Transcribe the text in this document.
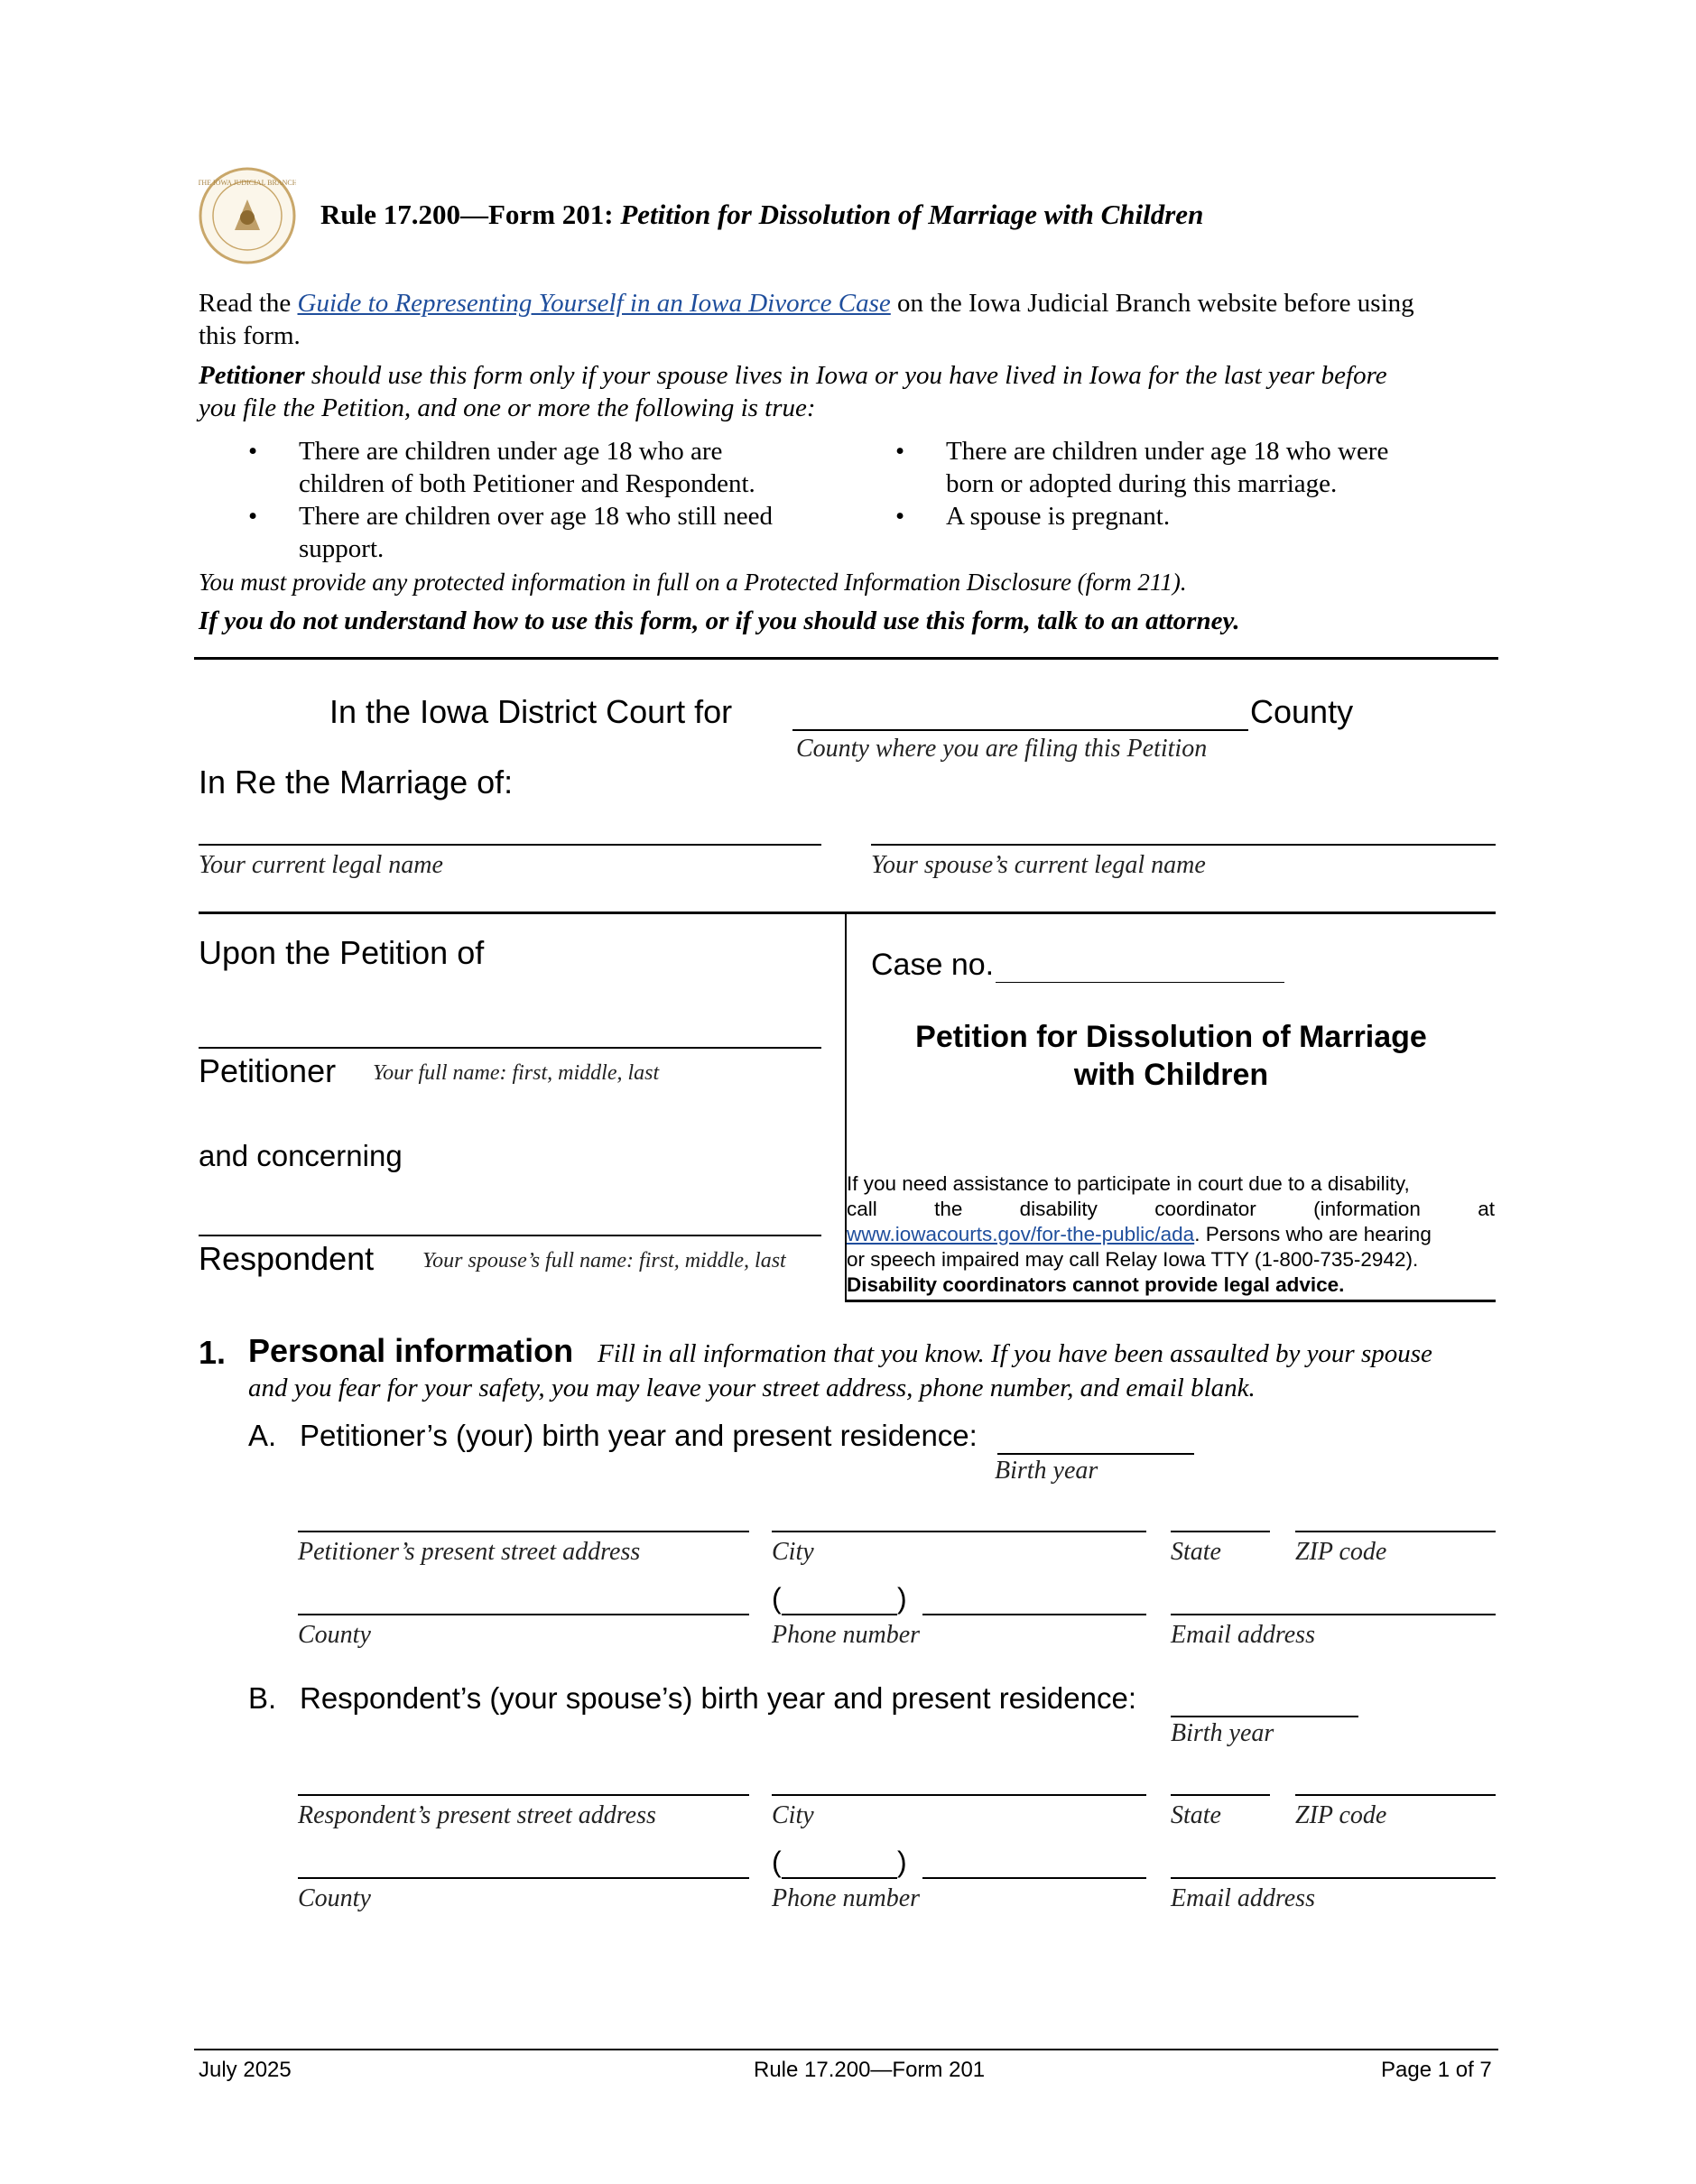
THE IOWA JUDICIAL BRANCH
Rule 17.200—Form 201: Petition for Dissolution of Marriage with Children
Read the Guide to Representing Yourself in an Iowa Divorce Case on the Iowa Judicial Branch website before using
this form.
Petitioner should use this form only if your spouse lives in Iowa or you have lived in Iowa for the last year before
you file the Petition, and one or more the following is true:
• There are children under age 18 who are
children of both Petitioner and Respondent.
• There are children over age 18 who still need
support.
• There are children under age 18 who were
born or adopted during this marriage.
• A spouse is pregnant.
You must provide any protected information in full on a Protected Information Disclosure (form 211).
If you do not understand how to use this form, or if you should use this form, talk to an attorney.
In the Iowa District Court for	County
County where you are filing this Petition
In Re the Marriage of:
Your current legal name	Your spouse’s current legal name
Upon the Petition of
Petitioner Your full name: first, middle, last
and concerning
Respondent Your spouse’s full name: first, middle, last
Case no.
Petition for Dissolution of Marriage
with Children
If you need assistance to participate in court due to a disability,
call	the	disability	coordinator	(information	at
www.iowacourts.gov/for-the-public/ada. Persons who are hearing
or speech impaired may call Relay Iowa TTY (1-800-735-2942).
Disability coordinators cannot provide legal advice.
1. Personal information Fill in all information that you know. If you have been assaulted by your spouse
and you fear for your safety, you may leave your street address, phone number, and email blank.
A. Petitioner’s (your) birth year and present residence:
Birth year
Petitioner’s present street address	City	State	ZIP code
(	)
County	Phone number	Email address
B. Respondent’s (your spouse’s) birth year and present residence:
Birth year
Respondent’s present street address	City	State	ZIP code
(	)
County	Phone number	Email address
July 2025	Rule 17.200—Form 201	Page 1 of 7
